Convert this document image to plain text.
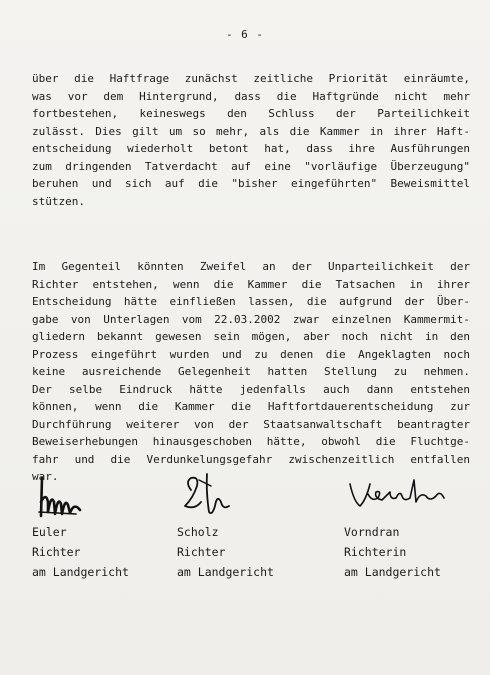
- 6 -
über die Haftfrage zunächst zeitliche Priorität einräumte,
was vor dem Hintergrund, dass die Haftgründe nicht mehr
fortbestehen, keineswegs den Schluss der Parteilichkeit
zulässt. Dies gilt um so mehr, als die Kammer in ihrer Haft-
entscheidung wiederholt betont hat, dass ihre Ausführungen
zum dringenden Tatverdacht auf eine "vorläufige Überzeugung"
beruhen und sich auf die "bisher eingeführten" Beweismittel
stützen.
Im Gegenteil könnten Zweifel an der Unparteilichkeit der
Richter entstehen, wenn die Kammer die Tatsachen in ihrer
Entscheidung hätte einfließen lassen, die aufgrund der Über-
gabe von Unterlagen vom 22.03.2002 zwar einzelnen Kammermit-
gliedern bekannt gewesen sein mögen, aber noch nicht in den
Prozess eingeführt wurden und zu denen die Angeklagten noch
keine ausreichende Gelegenheit hatten Stellung zu nehmen.
Der selbe Eindruck hätte jedenfalls auch dann entstehen
können, wenn die Kammer die Haftfortdauerentscheidung zur
Durchführung weiterer von der Staatsanwaltschaft beantragter
Beweiserhebungen hinausgeschoben hätte, obwohl die Fluchtge-
fahr und die Verdunkelungsgefahr zwischenzeitlich entfallen
war.
Euler
Richter
am Landgericht
Scholz
Richter
am Landgericht
Vorndran
Richterin
am Landgericht
